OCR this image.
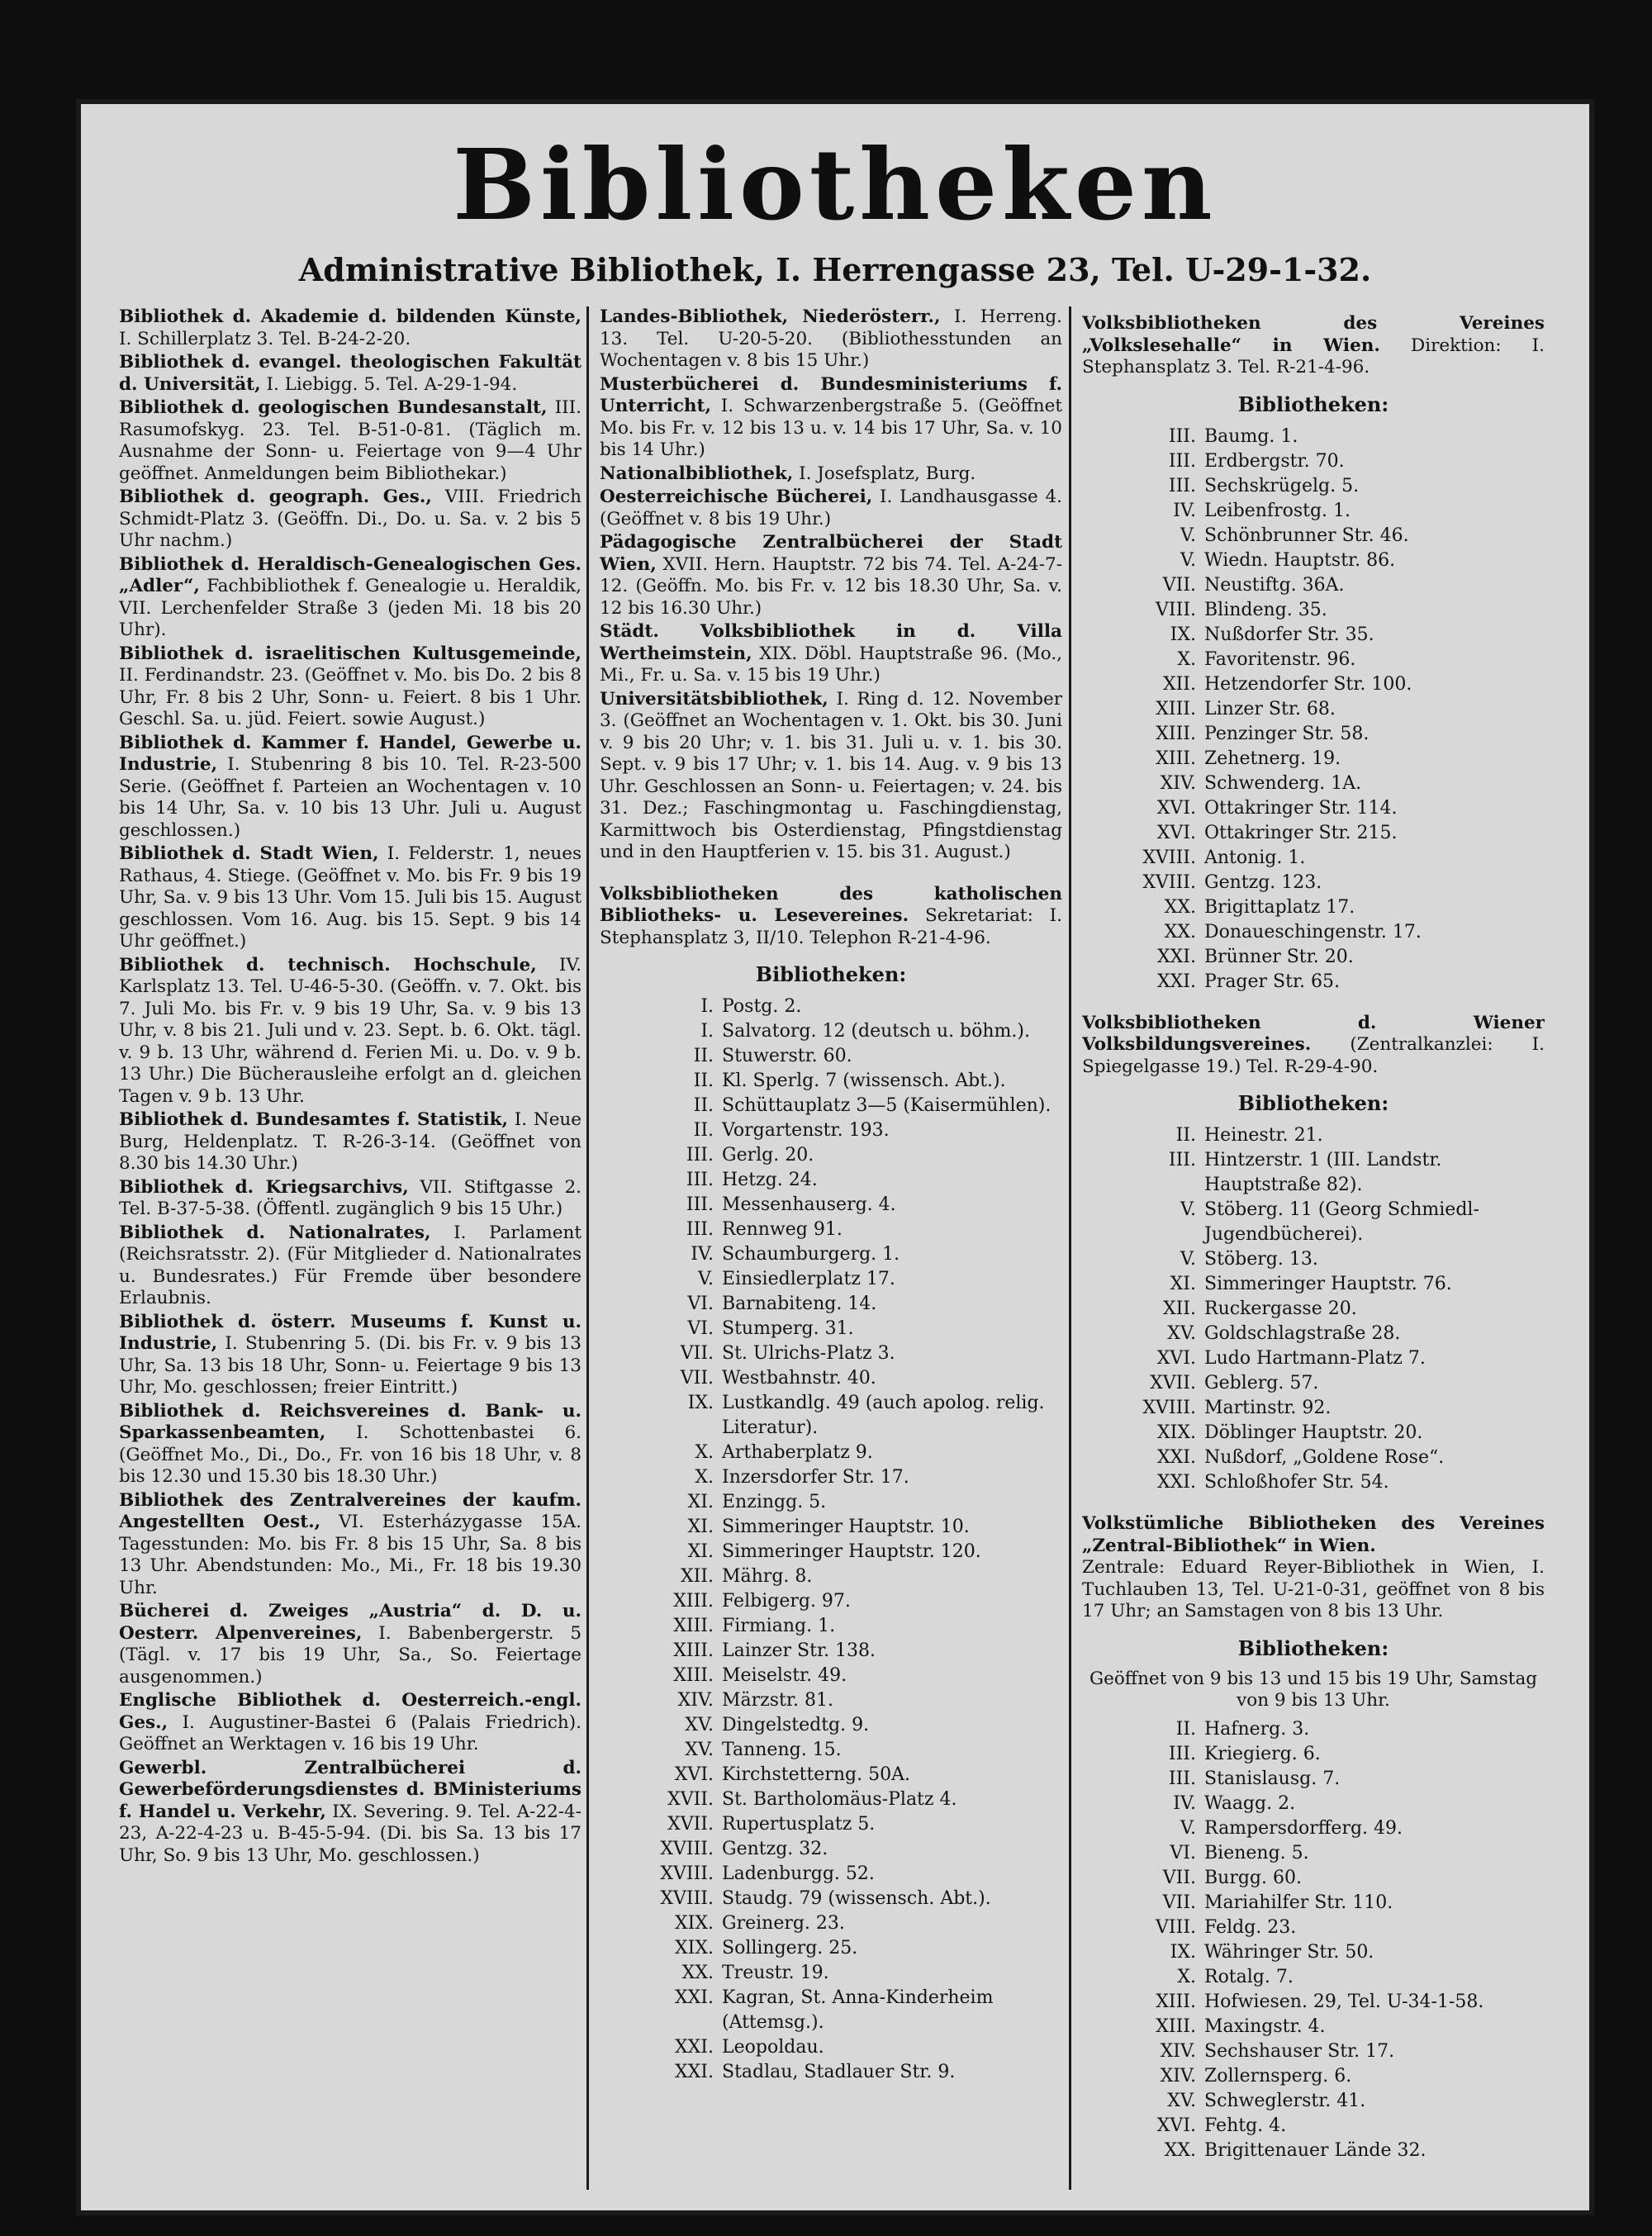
Bibliotheken
Administrative Bibliothek, I. Herrengasse 23, Tel. U-29-1-32.

Bibliothek d. Akademie d. bildenden Künste, I. Schillerplatz 3. Tel. B-24-2-20.

Bibliothek d. evangel. theologischen Fakultät d. Universität, I. Liebigg. 5. Tel. A-29-1-94.

Bibliothek d. geologischen Bundesanstalt, III. Rasumofskyg. 23. Tel. B-51-0-81. (Täglich m. Ausnahme der Sonn- u. Feiertage von 9—4 Uhr geöffnet. Anmeldungen beim Bibliothekar.)

Bibliothek d. geograph. Ges., VIII. Friedrich Schmidt-Platz 3. (Geöffn. Di., Do. u. Sa. v. 2 bis 5 Uhr nachm.)

Bibliothek d. Heraldisch-Genealogischen Ges. „Adler“, Fachbibliothek f. Genealogie u. Heraldik, VII. Lerchenfelder Straße 3 (jeden Mi. 18 bis 20 Uhr).

Bibliothek d. israelitischen Kultusgemeinde, II. Ferdinandstr. 23. (Geöffnet v. Mo. bis Do. 2 bis 8 Uhr, Fr. 8 bis 2 Uhr, Sonn- u. Feiert. 8 bis 1 Uhr. Geschl. Sa. u. jüd. Feiert. sowie August.)

Bibliothek d. Kammer f. Handel, Gewerbe u. Industrie, I. Stubenring 8 bis 10. Tel. R-23-500 Serie. (Geöffnet f. Parteien an Wochentagen v. 10 bis 14 Uhr, Sa. v. 10 bis 13 Uhr. Juli u. August geschlossen.)

Bibliothek d. Stadt Wien, I. Felderstr. 1, neues Rathaus, 4. Stiege. (Geöffnet v. Mo. bis Fr. 9 bis 19 Uhr, Sa. v. 9 bis 13 Uhr. Vom 15. Juli bis 15. August geschlossen. Vom 16. Aug. bis 15. Sept. 9 bis 14 Uhr geöffnet.)

Bibliothek d. technisch. Hochschule, IV. Karlsplatz 13. Tel. U-46-5-30. (Geöffn. v. 7. Okt. bis 7. Juli Mo. bis Fr. v. 9 bis 19 Uhr, Sa. v. 9 bis 13 Uhr, v. 8 bis 21. Juli und v. 23. Sept. b. 6. Okt. tägl. v. 9 b. 13 Uhr, während d. Ferien Mi. u. Do. v. 9 b. 13 Uhr.) Die Bücherausleihe erfolgt an d. gleichen Tagen v. 9 b. 13 Uhr.

Bibliothek d. Bundesamtes f. Statistik, I. Neue Burg, Heldenplatz. T. R-26-3-14. (Geöffnet von 8.30 bis 14.30 Uhr.)

Bibliothek d. Kriegsarchivs, VII. Stiftgasse 2. Tel. B-37-5-38. (Öffentl. zugänglich 9 bis 15 Uhr.)

Bibliothek d. Nationalrates, I. Parlament (Reichsratsstr. 2). (Für Mitglieder d. Nationalrates u. Bundesrates.) Für Fremde über besondere Erlaubnis.

Bibliothek d. österr. Museums f. Kunst u. Industrie, I. Stubenring 5. (Di. bis Fr. v. 9 bis 13 Uhr, Sa. 13 bis 18 Uhr, Sonn- u. Feiertage 9 bis 13 Uhr, Mo. geschlossen; freier Eintritt.)

Bibliothek d. Reichsvereines d. Bank- u. Sparkassenbeamten, I. Schottenbastei 6. (Geöffnet Mo., Di., Do., Fr. von 16 bis 18 Uhr, v. 8 bis 12.30 und 15.30 bis 18.30 Uhr.)

Bibliothek des Zentralvereines der kaufm. Angestellten Oest., VI. Esterházygasse 15A. Tagesstunden: Mo. bis Fr. 8 bis 15 Uhr, Sa. 8 bis 13 Uhr. Abendstunden: Mo., Mi., Fr. 18 bis 19.30 Uhr.

Bücherei d. Zweiges „Austria“ d. D. u. Oesterr. Alpenvereines, I. Babenbergerstr. 5 (Tägl. v. 17 bis 19 Uhr, Sa., So. Feiertage ausgenommen.)

Englische Bibliothek d. Oesterreich.-engl. Ges., I. Augustiner-Bastei 6 (Palais Friedrich). Geöffnet an Werktagen v. 16 bis 19 Uhr.

Gewerbl. Zentralbücherei d. Gewerbeförderungsdienstes d. BMinisteriums f. Handel u. Verkehr, IX. Severing. 9. Tel. A-22-4-23, A-22-4-23 u. B-45-5-94. (Di. bis Sa. 13 bis 17 Uhr, So. 9 bis 13 Uhr, Mo. geschlossen.)

Landes-Bibliothek, Niederösterr., I. Herreng. 13. Tel. U-20-5-20. (Bibliothesstunden an Wochentagen v. 8 bis 15 Uhr.)

Musterbücherei d. Bundesministeriums f. Unterricht, I. Schwarzenbergstraße 5. (Geöffnet Mo. bis Fr. v. 12 bis 13 u. v. 14 bis 17 Uhr, Sa. v. 10 bis 14 Uhr.)

Nationalbibliothek, I. Josefsplatz, Burg.

Oesterreichische Bücherei, I. Landhausgasse 4. (Geöffnet v. 8 bis 19 Uhr.)

Pädagogische Zentralbücherei der Stadt Wien, XVII. Hern. Hauptstr. 72 bis 74. Tel. A-24-7-12. (Geöffn. Mo. bis Fr. v. 12 bis 18.30 Uhr, Sa. v. 12 bis 16.30 Uhr.)

Städt. Volksbibliothek in d. Villa Wertheimstein, XIX. Döbl. Hauptstraße 96. (Mo., Mi., Fr. u. Sa. v. 15 bis 19 Uhr.)

Universitätsbibliothek, I. Ring d. 12. November 3. (Geöffnet an Wochentagen v. 1. Okt. bis 30. Juni v. 9 bis 20 Uhr; v. 1. bis 31. Juli u. v. 1. bis 30. Sept. v. 9 bis 17 Uhr; v. 1. bis 14. Aug. v. 9 bis 13 Uhr. Geschlossen an Sonn- u. Feiertagen; v. 24. bis 31. Dez.; Faschingmontag u. Faschingdienstag, Karmittwoch bis Osterdienstag, Pfingstdienstag und in den Hauptferien v. 15. bis 31. August.)

Volksbibliotheken des katholischen Bibliotheks- u. Lesevereines. Sekretariat: I. Stephansplatz 3, II/10. Telephon R-21-4-96.

Bibliotheken:
I. Postg. 2.
I. Salvatorg. 12 (deutsch u. böhm.).
II. Stuwerstr. 60.
II. Kl. Sperlg. 7 (wissensch. Abt.).
II. Schüttauplatz 3—5 (Kaisermühlen).
II. Vorgartenstr. 193.
III. Gerlg. 20.
III. Hetzg. 24.
III. Messenhauserg. 4.
III. Rennweg 91.
IV. Schaumburgerg. 1.
V. Einsiedlerplatz 17.
VI. Barnabiteng. 14.
VI. Stumperg. 31.
VII. St. Ulrichs-Platz 3.
VII. Westbahnstr. 40.
IX. Lustkandlg. 49 (auch apolog. relig. Literatur).
X. Arthaberplatz 9.
X. Inzersdorfer Str. 17.
XI. Enzingg. 5.
XI. Simmeringer Hauptstr. 10.
XI. Simmeringer Hauptstr. 120.
XII. Mährg. 8.
XIII. Felbigerg. 97.
XIII. Firmiang. 1.
XIII. Lainzer Str. 138.
XIII. Meiselstr. 49.
XIV. Märzstr. 81.
XV. Dingelstedtg. 9.
XV. Tanneng. 15.
XVI. Kirchstetterng. 50A.
XVII. St. Bartholomäus-Platz 4.
XVII. Rupertusplatz 5.
XVIII. Gentzg. 32.
XVIII. Ladenburgg. 52.
XVIII. Staudg. 79 (wissensch. Abt.).
XIX. Greinerg. 23.
XIX. Sollingerg. 25.
XX. Treustr. 19.
XXI. Kagran, St. Anna-Kinderheim (Attemsg.).
XXI. Leopoldau.
XXI. Stadlau, Stadlauer Str. 9.

Volksbibliotheken des Vereines „Volkslesehalle“ in Wien. Direktion: I. Stephansplatz 3. Tel. R-21-4-96.

Bibliotheken:
III. Baumg. 1.
III. Erdbergstr. 70.
III. Sechskrügelg. 5.
IV. Leibenfrostg. 1.
V. Schönbrunner Str. 46.
V. Wiedn. Hauptstr. 86.
VII. Neustiftg. 36A.
VIII. Blindeng. 35.
IX. Nußdorfer Str. 35.
X. Favoritenstr. 96.
XII. Hetzendorfer Str. 100.
XIII. Linzer Str. 68.
XIII. Penzinger Str. 58.
XIII. Zehetnerg. 19.
XIV. Schwenderg. 1A.
XVI. Ottakringer Str. 114.
XVI. Ottakringer Str. 215.
XVIII. Antonig. 1.
XVIII. Gentzg. 123.
XX. Brigittaplatz 17.
XX. Donaueschingenstr. 17.
XXI. Brünner Str. 20.
XXI. Prager Str. 65.

Volksbibliotheken d. Wiener Volksbildungsvereines. (Zentralkanzlei: I. Spiegelgasse 19.) Tel. R-29-4-90.

Bibliotheken:
II. Heinestr. 21.
III. Hintzerstr. 1 (III. Landstr. Hauptstraße 82).
V. Stöberg. 11 (Georg Schmiedl-Jugendbücherei).
V. Stöberg. 13.
XI. Simmeringer Hauptstr. 76.
XII. Ruckergasse 20.
XV. Goldschlagstraße 28.
XVI. Ludo Hartmann-Platz 7.
XVII. Geblerg. 57.
XVIII. Martinstr. 92.
XIX. Döblinger Hauptstr. 20.
XXI. Nußdorf, „Goldene Rose“.
XXI. Schloßhofer Str. 54.

Volkstümliche Bibliotheken des Vereines „Zentral-Bibliothek“ in Wien.

Zentrale: Eduard Reyer-Bibliothek in Wien, I. Tuchlauben 13, Tel. U-21-0-31, geöffnet von 8 bis 17 Uhr; an Samstagen von 8 bis 13 Uhr.

Bibliotheken:

Geöffnet von 9 bis 13 und 15 bis 19 Uhr, Samstag von 9 bis 13 Uhr.

II. Hafnerg. 3.
III. Kriegierg. 6.
III. Stanislausg. 7.
IV. Waagg. 2.
V. Rampersdorfferg. 49.
VI. Bieneng. 5.
VII. Burgg. 60.
VII. Mariahilfer Str. 110.
VIII. Feldg. 23.
IX. Währinger Str. 50.
X. Rotalg. 7.
XIII. Hofwiesen. 29, Tel. U-34-1-58.
XIII. Maxingstr. 4.
XIV. Sechshauser Str. 17.
XIV. Zollernsperg. 6.
XV. Schweglerstr. 41.
XVI. Fehtg. 4.
XX. Brigittenauer Lände 32.
